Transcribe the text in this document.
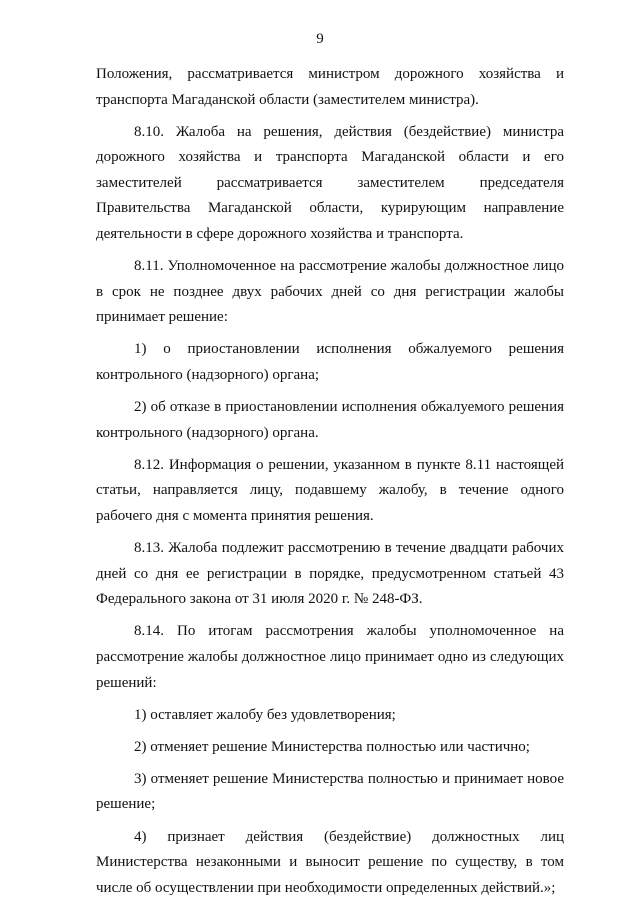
9

Положения, рассматривается министром дорожного хозяйства и транспорта Магаданской области (заместителем министра).

8.10. Жалоба на решения, действия (бездействие) министра дорожного хозяйства и транспорта Магаданской области и его заместителей рассматривается заместителем председателя Правительства Магаданской области, курирующим направление деятельности в сфере дорожного хозяйства и транспорта.

8.11. Уполномоченное на рассмотрение жалобы должностное лицо в срок не позднее двух рабочих дней со дня регистрации жалобы принимает решение:

1) о приостановлении исполнения обжалуемого решения контрольного (надзорного) органа;

2) об отказе в приостановлении исполнения обжалуемого решения контрольного (надзорного) органа.

8.12. Информация о решении, указанном в пункте 8.11 настоящей статьи, направляется лицу, подавшему жалобу, в течение одного рабочего дня с момента принятия решения.

8.13. Жалоба подлежит рассмотрению в течение двадцати рабочих дней со дня ее регистрации в порядке, предусмотренном статьей 43 Федерального закона от 31 июля 2020 г. № 248-ФЗ.

8.14. По итогам рассмотрения жалобы уполномоченное на рассмотрение жалобы должностное лицо принимает одно из следующих решений:

1) оставляет жалобу без удовлетворения;

2) отменяет решение Министерства полностью или частично;

3) отменяет решение Министерства полностью и принимает новое решение;

4) признает действия (бездействие) должностных лиц Министерства незаконными и выносит решение по существу, в том числе об осуществлении при необходимости определенных действий.»;
